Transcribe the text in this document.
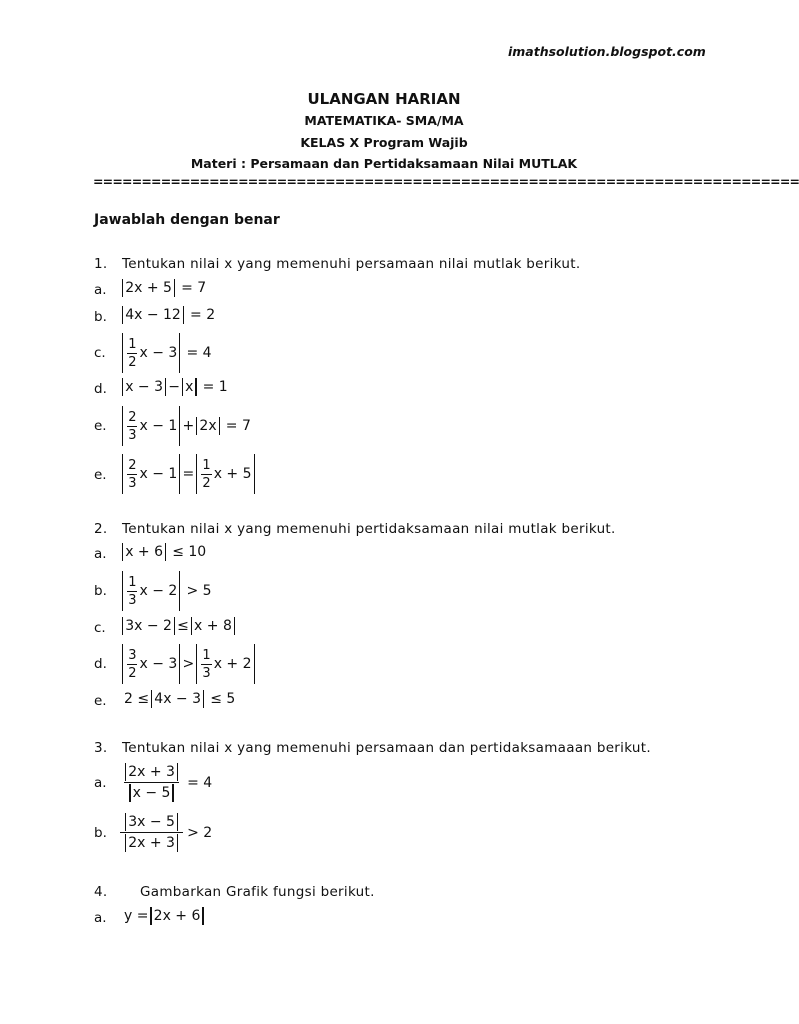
imathsolution.blogspot.com
ULANGAN HARIAN
MATEMATIKA- SMA/MA
KELAS X Program Wajib
Materi : Persamaan dan Pertidaksamaan Nilai MUTLAK
=========================================================================
Jawablah dengan benar
1. Tentukan nilai x yang memenuhi persamaan nilai mutlak berikut.
a. 2x + 5 = 7
b. 4x − 12 = 2
c. $\frac{1}{2}$ x − 3 = 4
d. x − 3 − x = 1
e. $\frac{2}{3}$ x − 1 + 2x = 7
e. $\frac{2}{3}$ $x - 1 = \frac{1}{2}$ x + 5
2. Tentukan nilai x yang memenuhi pertidaksamaan nilai mutlak berikut.
a. x + 6 ≤ 10
b. $\frac{1}{3}$ x − 2 > 5
c. 3x − 2 ≤ x + 8
d. $\frac{3}{2}$ $x - 3 > \frac{1}{3}$ x + 2
e. 2 ≤ 4x − 3 ≤ 5
3. Tentukan nilai x yang memenuhi persamaan dan pertidaksamaaan berikut.
a. $\frac{2x + 3}{x - 5} = 4$
b. $\frac{3x - 5}{2x + 3} > 2$
4. Gambarkan Grafik fungsi berikut.
a. y = 2x + 6
